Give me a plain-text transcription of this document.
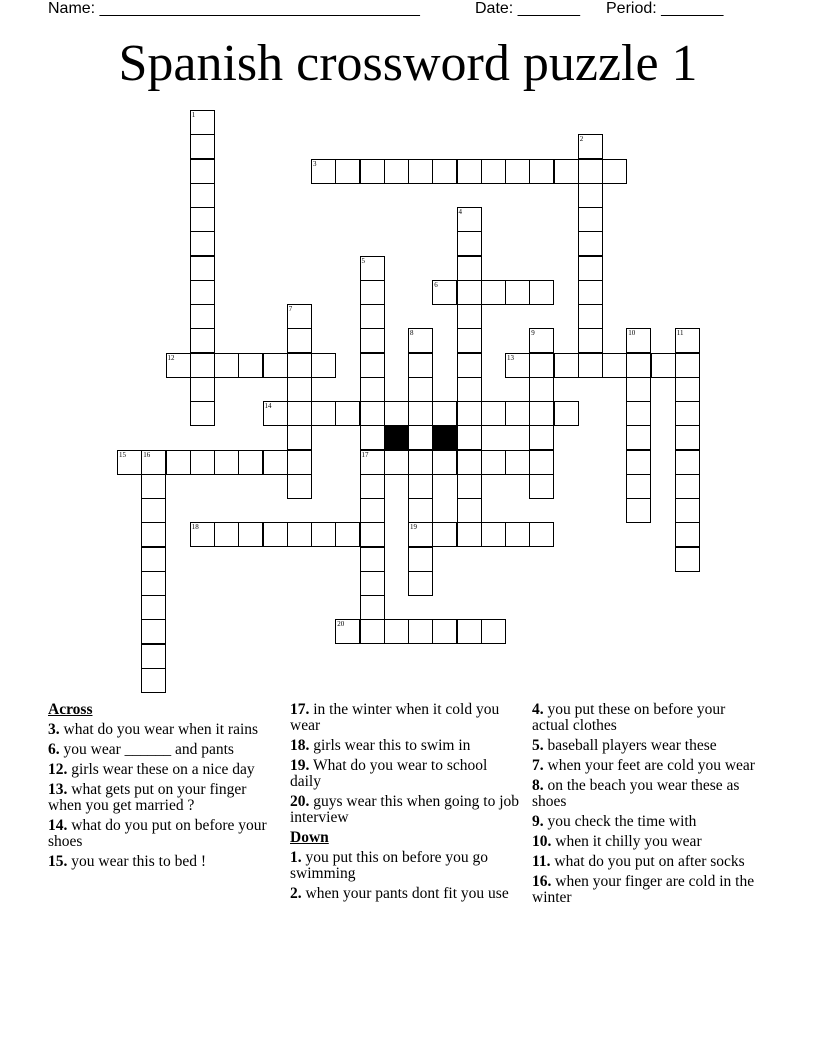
Name: ____________________________________

	Date: _______

Period: _______

Spanish crossword puzzle 1
1
2
3
4
5
17
6
7
8
19
9	10	11
12	13
14
15 16
18
20
Across
3. what do you wear when it rains
6. you wear ______ and pants
12. girls wear these on a nice day
13. what gets put on your finger when you get married ?
14. what do you put on before your shoes
15. you wear this to bed !
17. in the winter when it cold you wear
18. girls wear this to swim in
19. What do you wear to school daily
20. guys wear this when going to job interview
Down
1. you put this on before you go swimming
2. when your pants dont fit you use
4. you put these on before your actual clothes
5. baseball players wear these
7. when your feet are cold you wear
8. on the beach you wear these as shoes
9. you check the time with
10. when it chilly you wear
11. what do you put on after socks
16. when your finger are cold in the winter
